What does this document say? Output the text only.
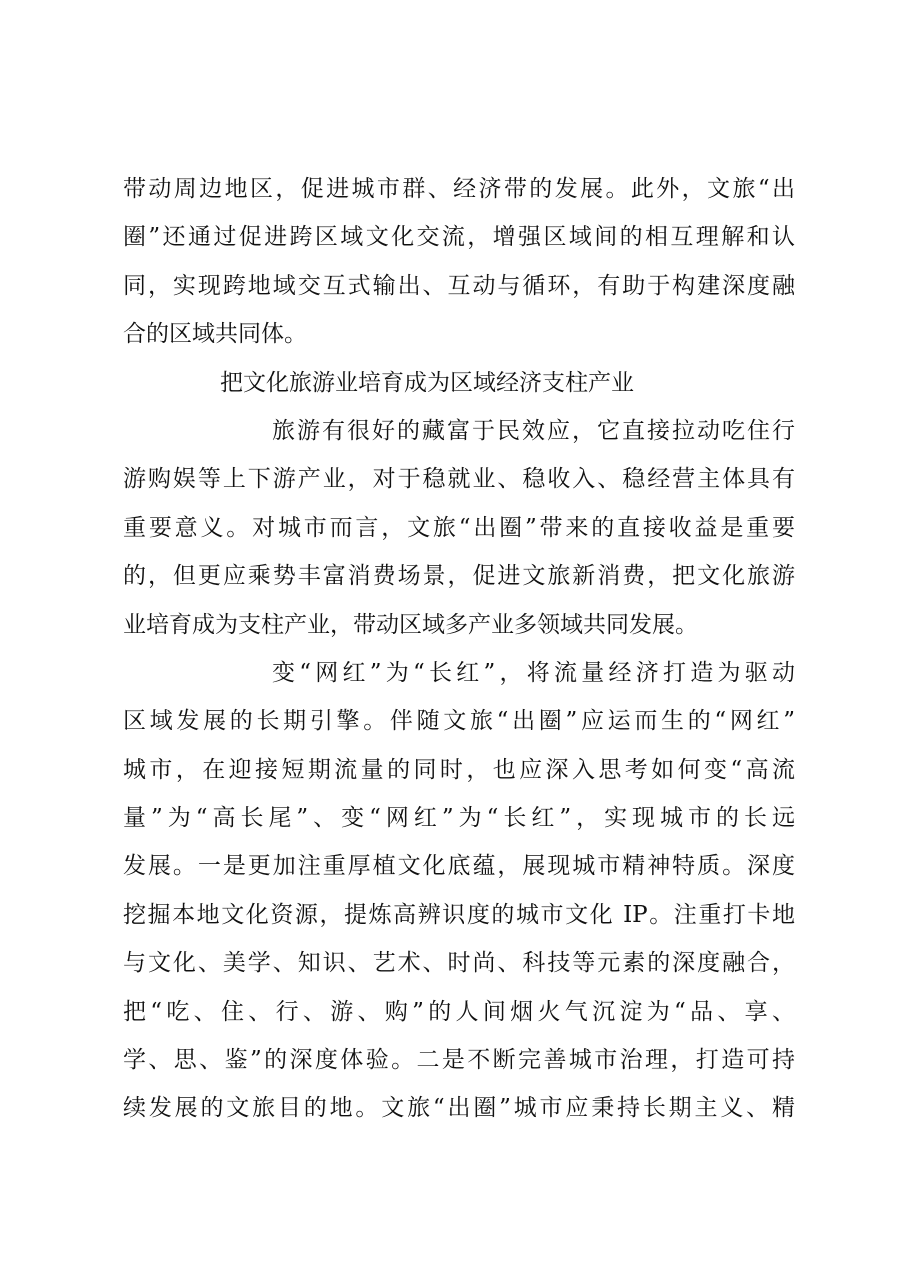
带动周边地区，促进城市群、经济带的发展。此外，文旅“出
圈”还通过促进跨区域文化交流，增强区域间的相互理解和认
同，实现跨地域交互式输出、互动与循环，有助于构建深度融
合的区域共同体。
把文化旅游业培育成为区域经济支柱产业
旅游有很好的藏富于民效应，它直接拉动吃住行
游购娱等上下游产业，对于稳就业、稳收入、稳经营主体具有
重要意义。对城市而言，文旅“出圈”带来的直接收益是重要
的，但更应乘势丰富消费场景，促进文旅新消费，把文化旅游
业培育成为支柱产业，带动区域多产业多领域共同发展。
变“网红”为“长红”，将流量经济打造为驱动
区域发展的长期引擎。伴随文旅“出圈”应运而生的“网红”
城市，在迎接短期流量的同时，也应深入思考如何变“高流
量”为“高长尾”、变“网红”为“长红”，实现城市的长远
发展。一是更加注重厚植文化底蕴，展现城市精神特质。深度
挖掘本地文化资源，提炼高辨识度的城市文化 IP。注重打卡地
与文化、美学、知识、艺术、时尚、科技等元素的深度融合，
把“吃、住、行、游、购”的人间烟火气沉淀为“品、享、
学、思、鉴”的深度体验。二是不断完善城市治理，打造可持
续发展的文旅目的地。文旅“出圈”城市应秉持长期主义、精
